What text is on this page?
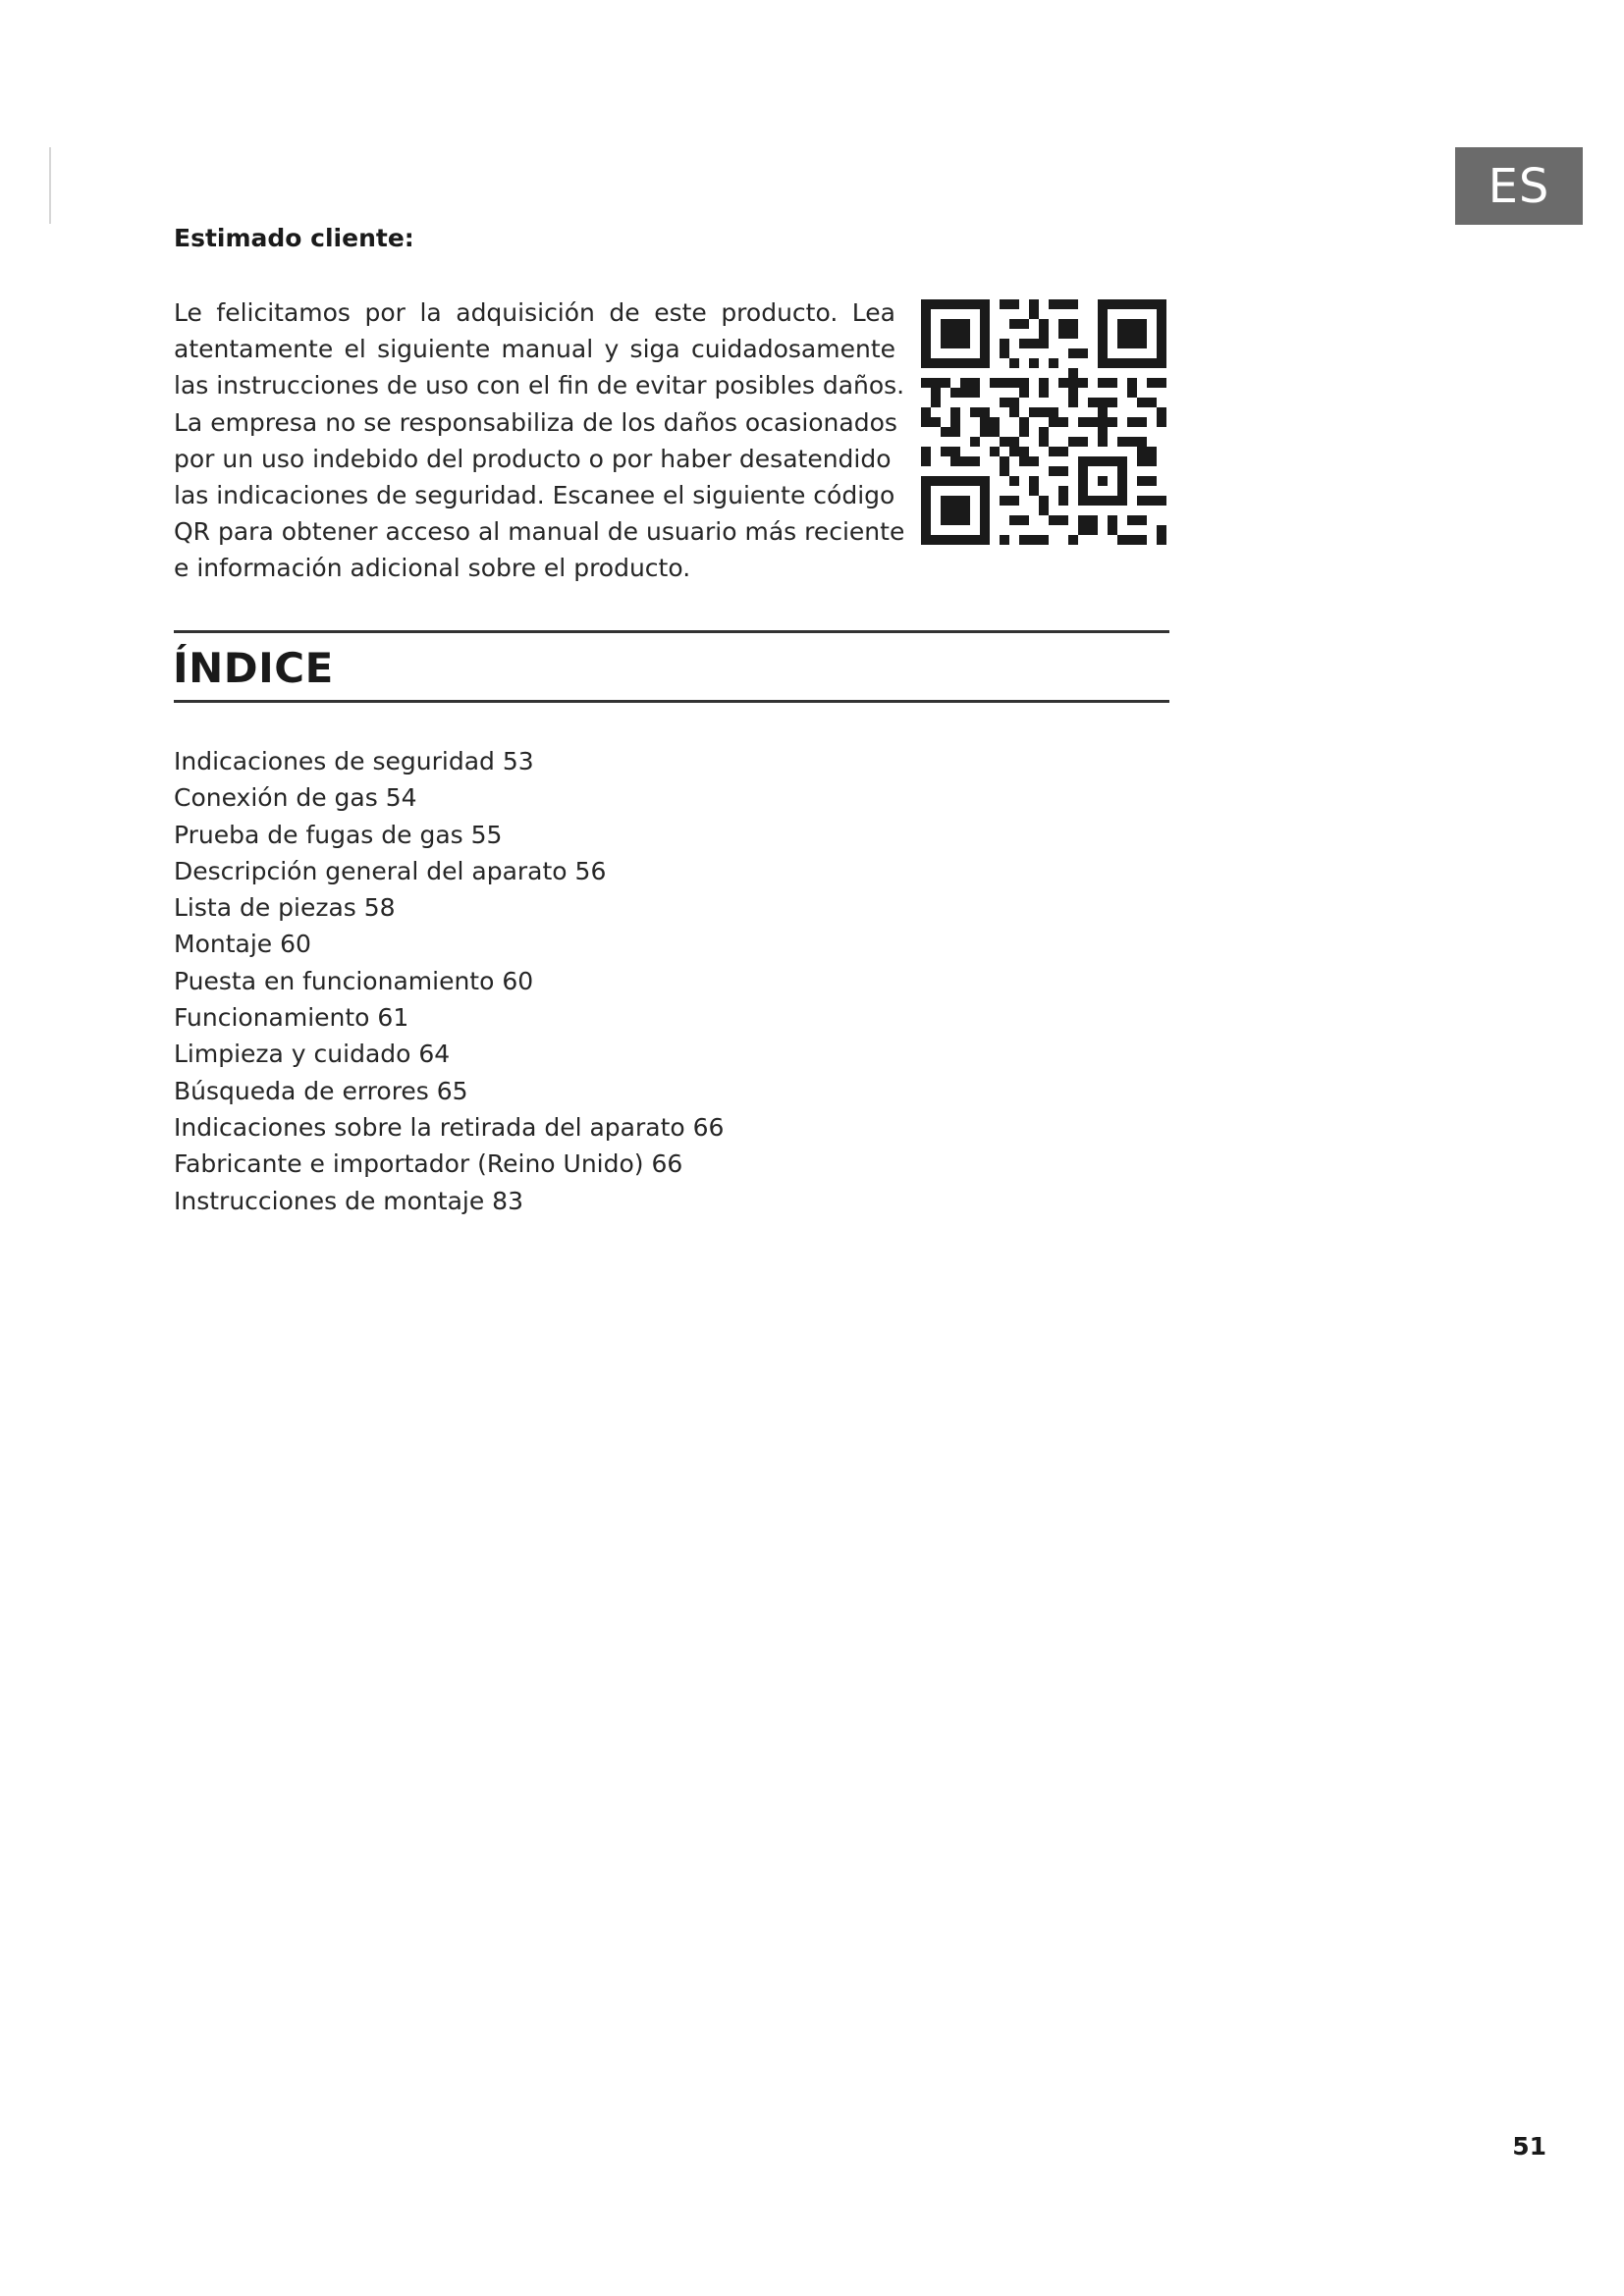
ES
Estimado cliente:
Le felicitamos por la adquisición de este producto. Lea
atentamente el siguiente manual y siga cuidadosamente
las instrucciones de uso con el fin de evitar posibles daños.
La empresa no se responsabiliza de los daños ocasionados
por un uso indebido del producto o por haber desatendido
las indicaciones de seguridad. Escanee el siguiente código
QR para obtener acceso al manual de usuario más reciente
e información adicional sobre el producto.
ÍNDICE
Indicaciones de seguridad 53
Conexión de gas 54
Prueba de fugas de gas 55
Descripción general del aparato 56
Lista de piezas 58
Montaje 60
Puesta en funcionamiento 60
Funcionamiento 61
Limpieza y cuidado 64
Búsqueda de errores 65
Indicaciones sobre la retirada del aparato 66
Fabricante e importador (Reino Unido) 66
Instrucciones de montaje 83
51
